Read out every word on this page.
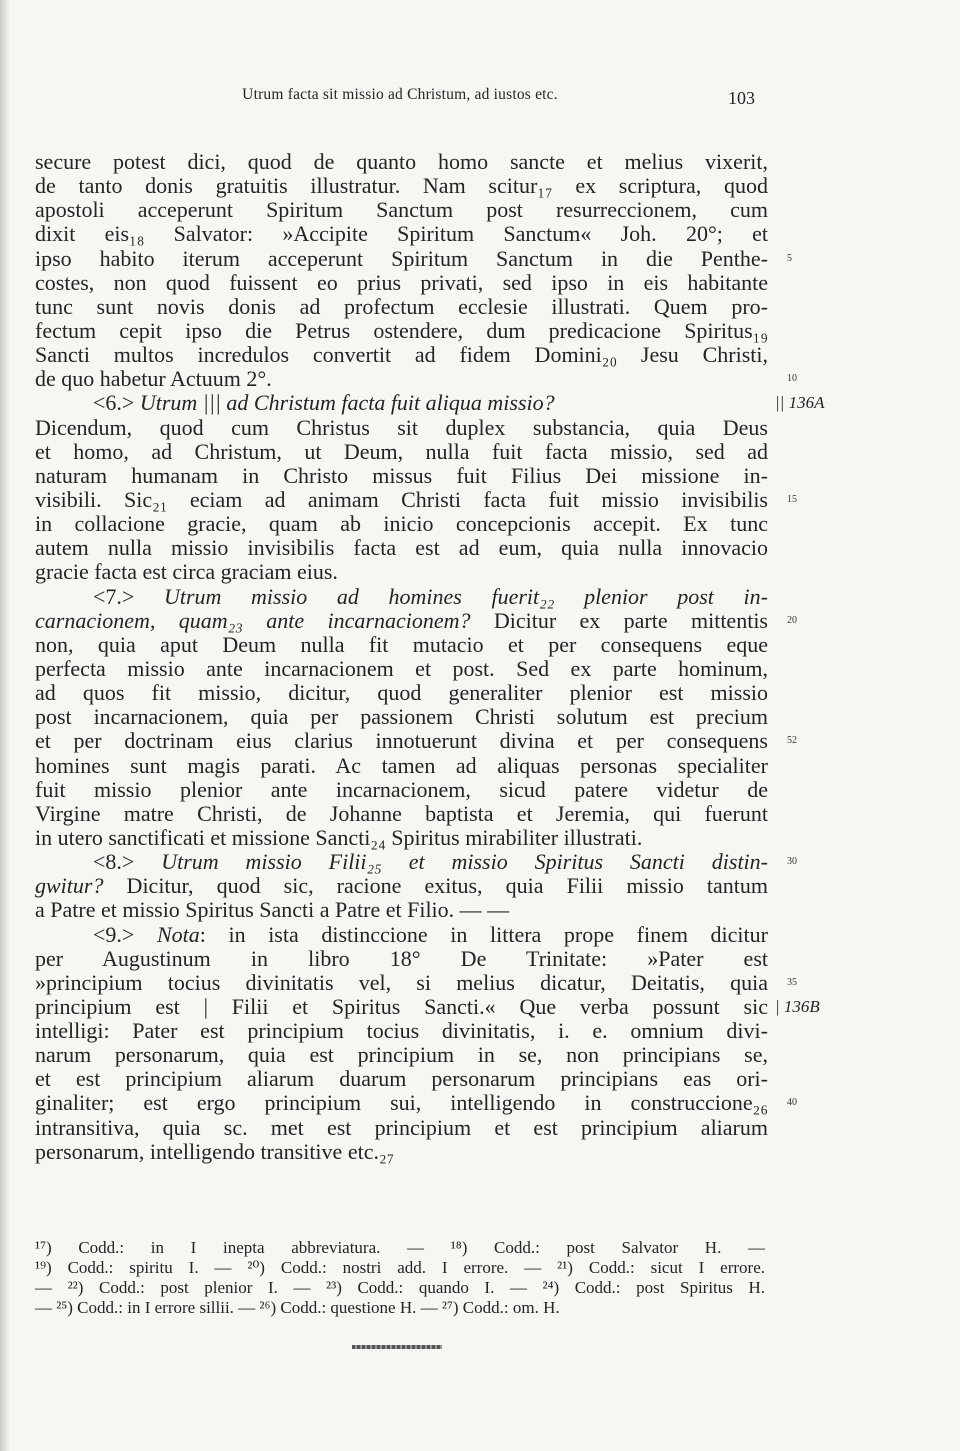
Utrum facta sit missio ad Christum, ad iustos etc.	103
secure potest dici, quod de quanto homo sancte et melius vixerit,
de tanto donis gratuitis illustratur. Nam scitur₁₇ ex scriptura, quod
apostoli acceperunt Spiritum Sanctum post resurreccionem, cum
dixit eis₁₈ Salvator: »Accipite Spiritum Sanctum« Joh. 20°; et
ipso habito iterum acceperunt Spiritum Sanctum in die Penthe- 5
costes, non quod fuissent eo prius privati, sed ipso in eis habitante
tunc sunt novis donis ad profectum ecclesie illustrati. Quem pro-
fectum cepit ipso die Petrus ostendere, dum predicacione Spiritus₁₉
Sancti multos incredulos convertit ad fidem Domini₂₀ Jesu Christi,
de quo habetur Actuum 2°.	10
<6.> Utrum ||| ad Christum facta fuit aliqua missio?	|| 136A
Dicendum, quod cum Christus sit duplex substancia, quia Deus
et homo, ad Christum, ut Deum, nulla fuit facta missio, sed ad
naturam humanam in Christo missus fuit Filius Dei missione in-
visibili. Sic₂₁ eciam ad animam Christi facta fuit missio invisibilis 15
in collacione gracie, quam ab inicio concepcionis accepit. Ex tunc
autem nulla missio invisibilis facta est ad eum, quia nulla innovacio
gracie facta est circa graciam eius.
<7.> Utrum missio ad homines fuerit₂₂ plenior post in-
carnacionem, quam₂₃ ante incarnacionem? Dicitur ex parte mittentis 20
non, quia aput Deum nulla fit mutacio et per consequens eque
perfecta missio ante incarnacionem et post. Sed ex parte hominum,
ad quos fit missio, dicitur, quod generaliter plenior est missio
post incarnacionem, quia per passionem Christi solutum est precium
et per doctrinam eius clarius innotuerunt divina et per consequens 52
homines sunt magis parati. Ac tamen ad aliquas personas specialiter
fuit missio plenior ante incarnacionem, sicud patere videtur de
Virgine matre Christi, de Johanne baptista et Jeremia, qui fuerunt
in utero sanctificati et missione Sancti₂₄ Spiritus mirabiliter illustrati.
<8.> Utrum missio Filii₂₅ et missio Spiritus Sancti distin- 30
gwitur? Dicitur, quod sic, racione exitus, quia Filii missio tantum
a Patre et missio Spiritus Sancti a Patre et Filio. — —
<9.> Nota: in ista distinccione in littera prope finem dicitur
per Augustinum in libro 18° De Trinitate: »Pater est
»principium tocius divinitatis vel, si melius dicatur, Deitatis, quia 35
principium est | Filii et Spiritus Sancti.« Que verba possunt sic | 136B
intelligi: Pater est principium tocius divinitatis, i. e. omnium divi-
narum personarum, quia est principium in se, non principians se,
et est principium aliarum duarum personarum principians eas ori-
ginaliter; est ergo principium sui, intelligendo in construccione₂₆ 40
intransitiva, quia sc. met est principium et est principium aliarum
personarum, intelligendo transitive etc.₂₇
¹⁷) Codd.: in I inepta abbreviatura. — ¹⁸) Codd.: post Salvator H. —
¹⁹) Codd.: spiritu I. — ²⁰) Codd.: nostri add. I errore. — ²¹) Codd.: sicut I errore.
— ²²) Codd.: post plenior I. — ²³) Codd.: quando I. — ²⁴) Codd.: post Spiritus H.
— ²⁵) Codd.: in I errore sillii. — ²⁶) Codd.: questione H. — ²⁷) Codd.: om. H.
